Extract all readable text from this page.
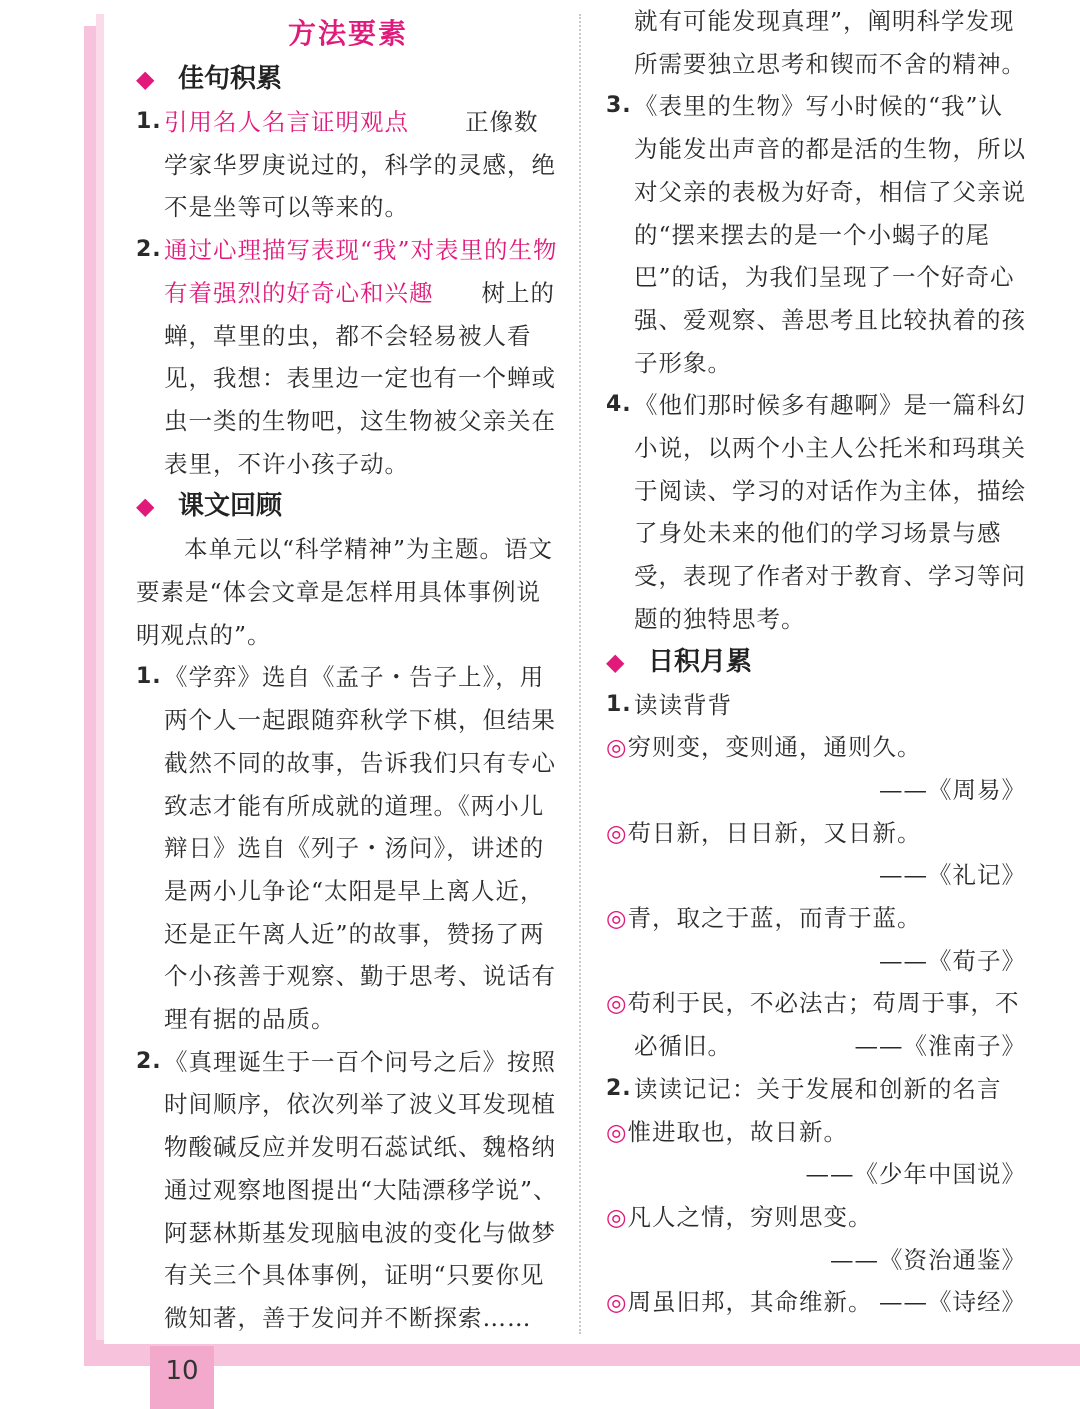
10
方法要素
◆ 佳句积累
1. 引用名人名言证明观点 正像数学家华罗庚说过的，科学的灵感，绝不是坐等可以等来的。
2. 通过心理描写表现“我”对表里的生物有着强烈的好奇心和兴趣 树上的蝉，草里的虫，都不会轻易被人看见，我想：表里边一定也有一个蝉或虫一类的生物吧，这生物被父亲关在表里，不许小孩子动。
◆ 课文回顾
本单元以“科学精神”为主题。语文要素是“体会文章是怎样用具体事例说明观点的”。
1. 《学弈》选自《孟子・告子上》，用两个人一起跟随弈秋学下棋，但结果截然不同的故事，告诉我们只有专心致志才能有所成就的道理。《两小儿辩日》选自《列子・汤问》，讲述的是两小儿争论“太阳是早上离人近，还是正午离人近”的故事，赞扬了两个小孩善于观察、勤于思考、说话有理有据的品质。
2. 《真理诞生于一百个问号之后》按照时间顺序，依次列举了波义耳发现植物酸碱反应并发明石蕊试纸、魏格纳通过观察地图提出“大陆漂移学说”、阿瑟林斯基发现脑电波的变化与做梦有关三个具体事例，证明“只要你见微知著，善于发问并不断探索……
就有可能发现真理”，阐明科学发现所需要独立思考和锲而不舍的精神。
3. 《表里的生物》写小时候的“我”认为能发出声音的都是活的生物，所以对父亲的表极为好奇，相信了父亲说的“摆来摆去的是一个小蝎子的尾巴”的话，为我们呈现了一个好奇心强、爱观察、善思考且比较执着的孩子形象。
4. 《他们那时候多有趣啊》是一篇科幻小说，以两个小主人公托米和玛琪关于阅读、学习的对话作为主体，描绘了身处未来的他们的学习场景与感受，表现了作者对于教育、学习等问题的独特思考。
◆ 日积月累
1. 读读背背
◎穷则变，变则通，通则久。
——《周易》
◎苟日新，日日新，又日新。
——《礼记》
◎青，取之于蓝，而青于蓝。
——《荀子》
◎苟利于民，不必法古；苟周于事，不
必循旧。	——《淮南子》
2. 读读记记：关于发展和创新的名言
◎惟进取也，故日新。
——《少年中国说》
◎凡人之情，穷则思变。
——《资治通鉴》
◎周虽旧邦，其命维新。 ——《诗经》
